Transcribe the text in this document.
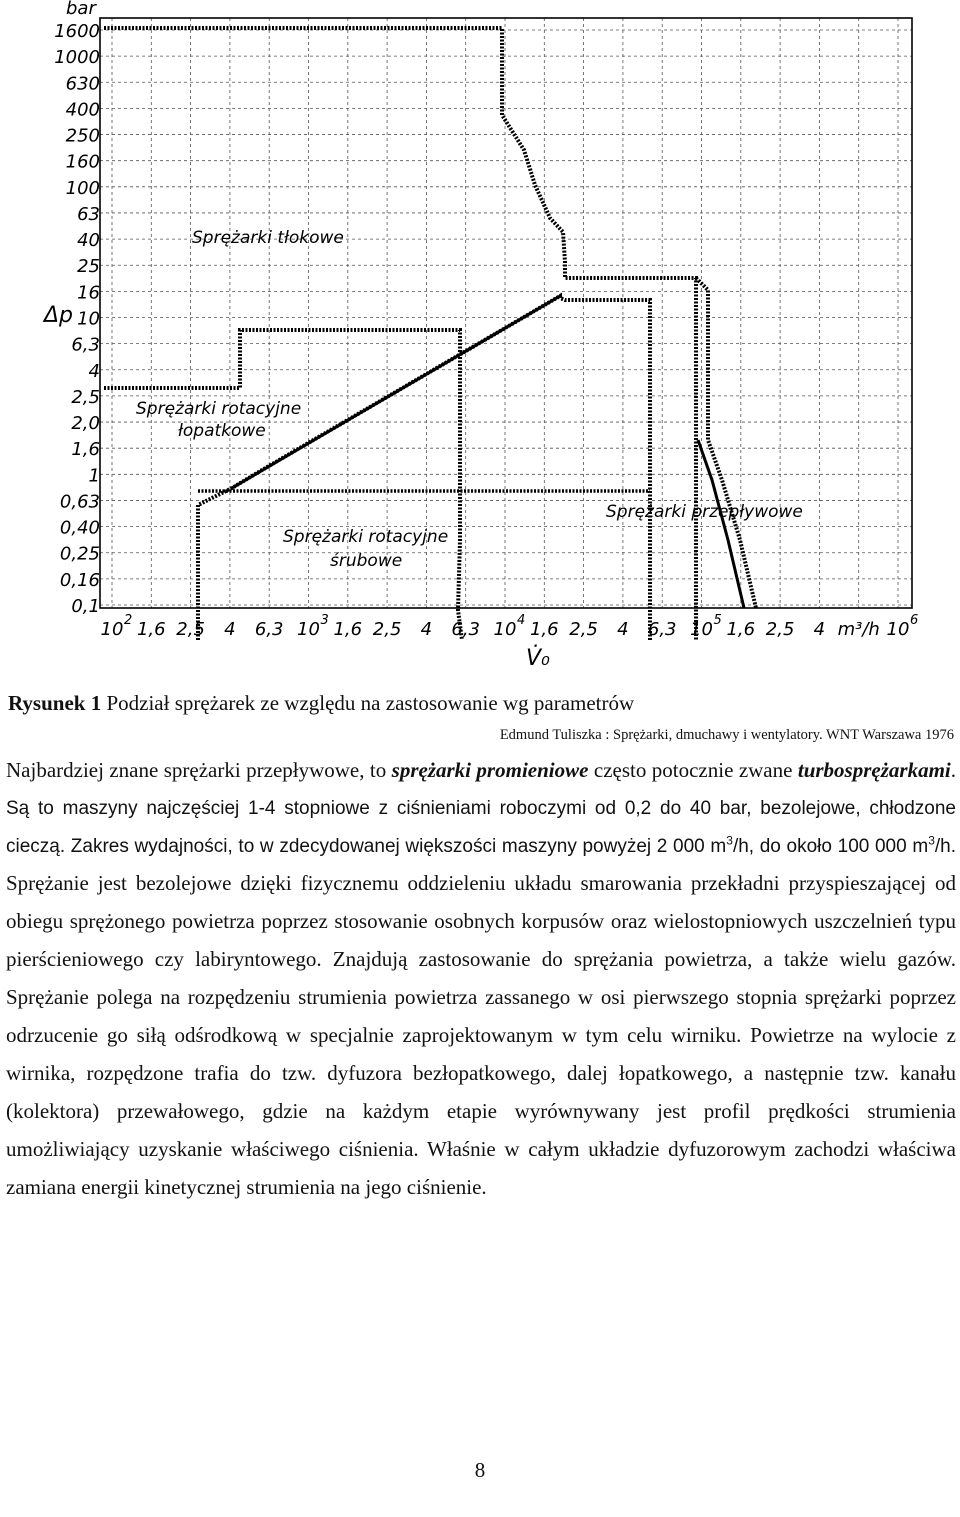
Sprężarki tłokowe
Sprężarki rotacyjne
łopatkowe
Sprężarki rotacyjne
śrubowe
Sprężarki przepływowe
bar
Δp
1600
1000
630
400
250
160
100
63
40
25
16
10
6,3
4
2,5
2,0
1,6
1
0,63
0,40
0,25
0,16
0,1
10 2 1,6 2,5 4 6,3 10 3 1,6 2,5 4 6,3 10 4 1,6 2,5 4 6,3 10 5 1,6 2,5 4 m³/h 10 6
V̇₀
Rysunek 1 Podział sprężarek ze względu na zastosowanie wg parametrów
Edmund Tuliszka : Sprężarki, dmuchawy i wentylatory. WNT Warszawa 1976

Najbardziej znane sprężarki przepływowe, to sprężarki promieniowe często potocznie zwane turbosprężarkami. Są to maszyny najczęściej 1-4 stopniowe z ciśnieniami roboczymi od 0,2 do 40 bar, bezolejowe, chłodzone cieczą. Zakres wydajności, to w zdecydowanej większości maszyny powyżej 2 000 $m^3/h$, do około 100 000 $m^3/h$. Sprężanie jest bezolejowe dzięki fizycznemu oddzieleniu układu smarowania przekładni przyspieszającej od obiegu sprężonego powietrza poprzez stosowanie osobnych korpusów oraz wielostopniowych uszczelnień typu pierścieniowego czy labiryntowego. Znajdują zastosowanie do sprężania powietrza, a także wielu gazów. Sprężanie polega na rozpędzeniu strumienia powietrza zassanego w osi pierwszego stopnia sprężarki poprzez odrzucenie go siłą odśrodkową w specjalnie zaprojektowanym w tym celu wirniku. Powietrze na wylocie z wirnika, rozpędzone trafia do tzw. dyfuzora bezłopatkowego, dalej łopatkowego, a następnie tzw. kanału (kolektora) przewałowego, gdzie na każdym etapie wyrównywany jest profil prędkości strumienia umożliwiający uzyskanie właściwego ciśnienia. Właśnie w całym układzie dyfuzorowym zachodzi właściwa zamiana energii kinetycznej strumienia na jego ciśnienie.

8
